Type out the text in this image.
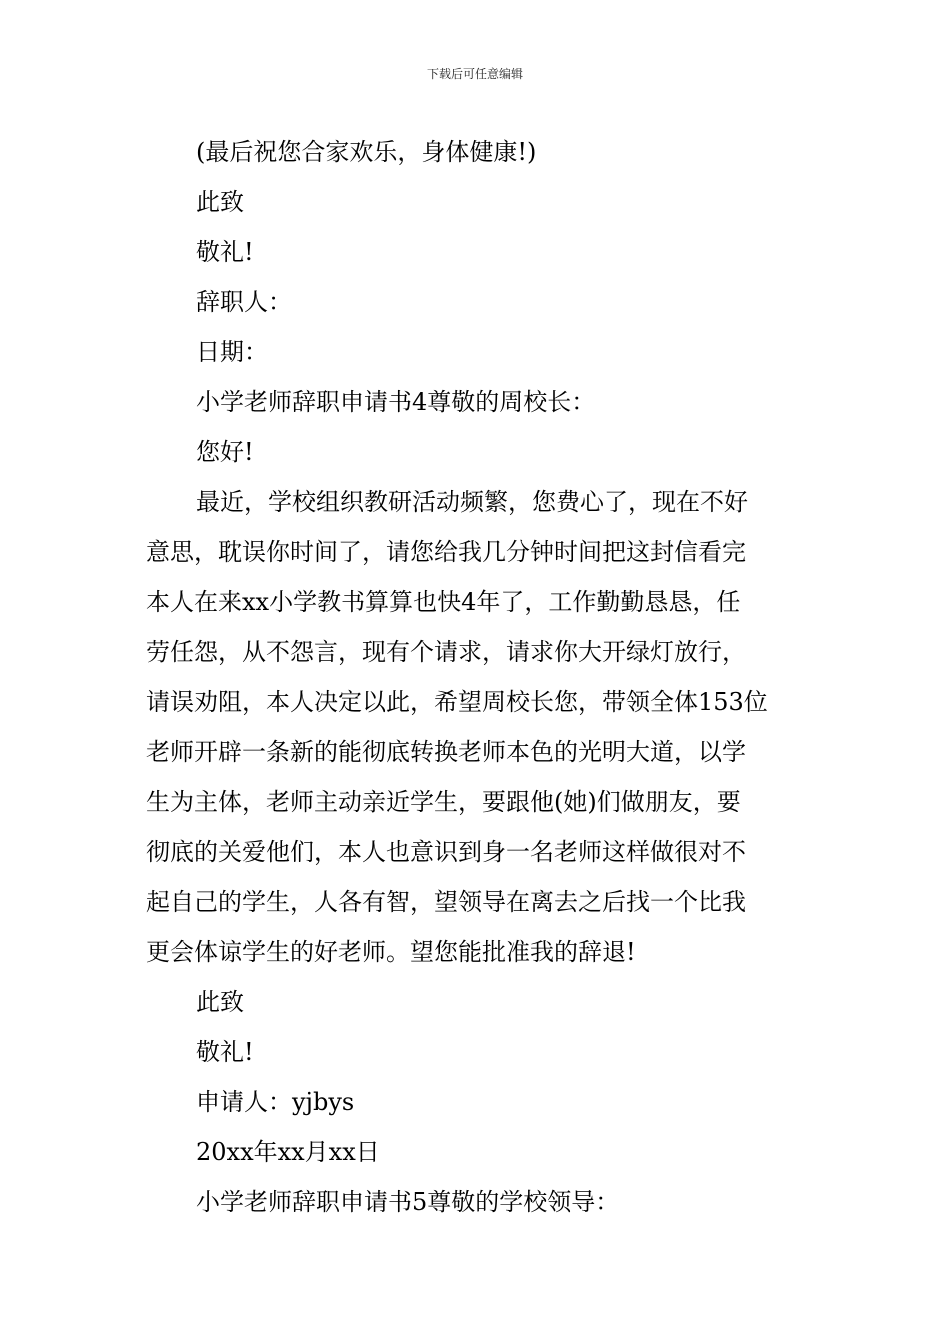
下载后可任意编辑

(最后祝您合家欢乐，身体健康!)

此致

敬礼!

辞职人：

日期：

小学老师辞职申请书4尊敬的周校长：

您好!

最近，学校组织教研活动频繁，您费心了，现在不好
意思，耽误你时间了，请您给我几分钟时间把这封信看完
本人在来xx小学教书算算也快4年了，工作勤勤恳恳，任
劳任怨，从不怨言，现有个请求，请求你大开绿灯放行，
请误劝阻，本人决定以此，希望周校长您，带领全体153位
老师开辟一条新的能彻底转换老师本色的光明大道，以学
生为主体，老师主动亲近学生，要跟他(她)们做朋友，要
彻底的关爱他们，本人也意识到身一名老师这样做很对不
起自己的学生，人各有智，望领导在离去之后找一个比我
更会体谅学生的好老师。望您能批准我的辞退!

此致

敬礼!

申请人：yjbys

20xx年xx月xx日

小学老师辞职申请书5尊敬的学校领导：
